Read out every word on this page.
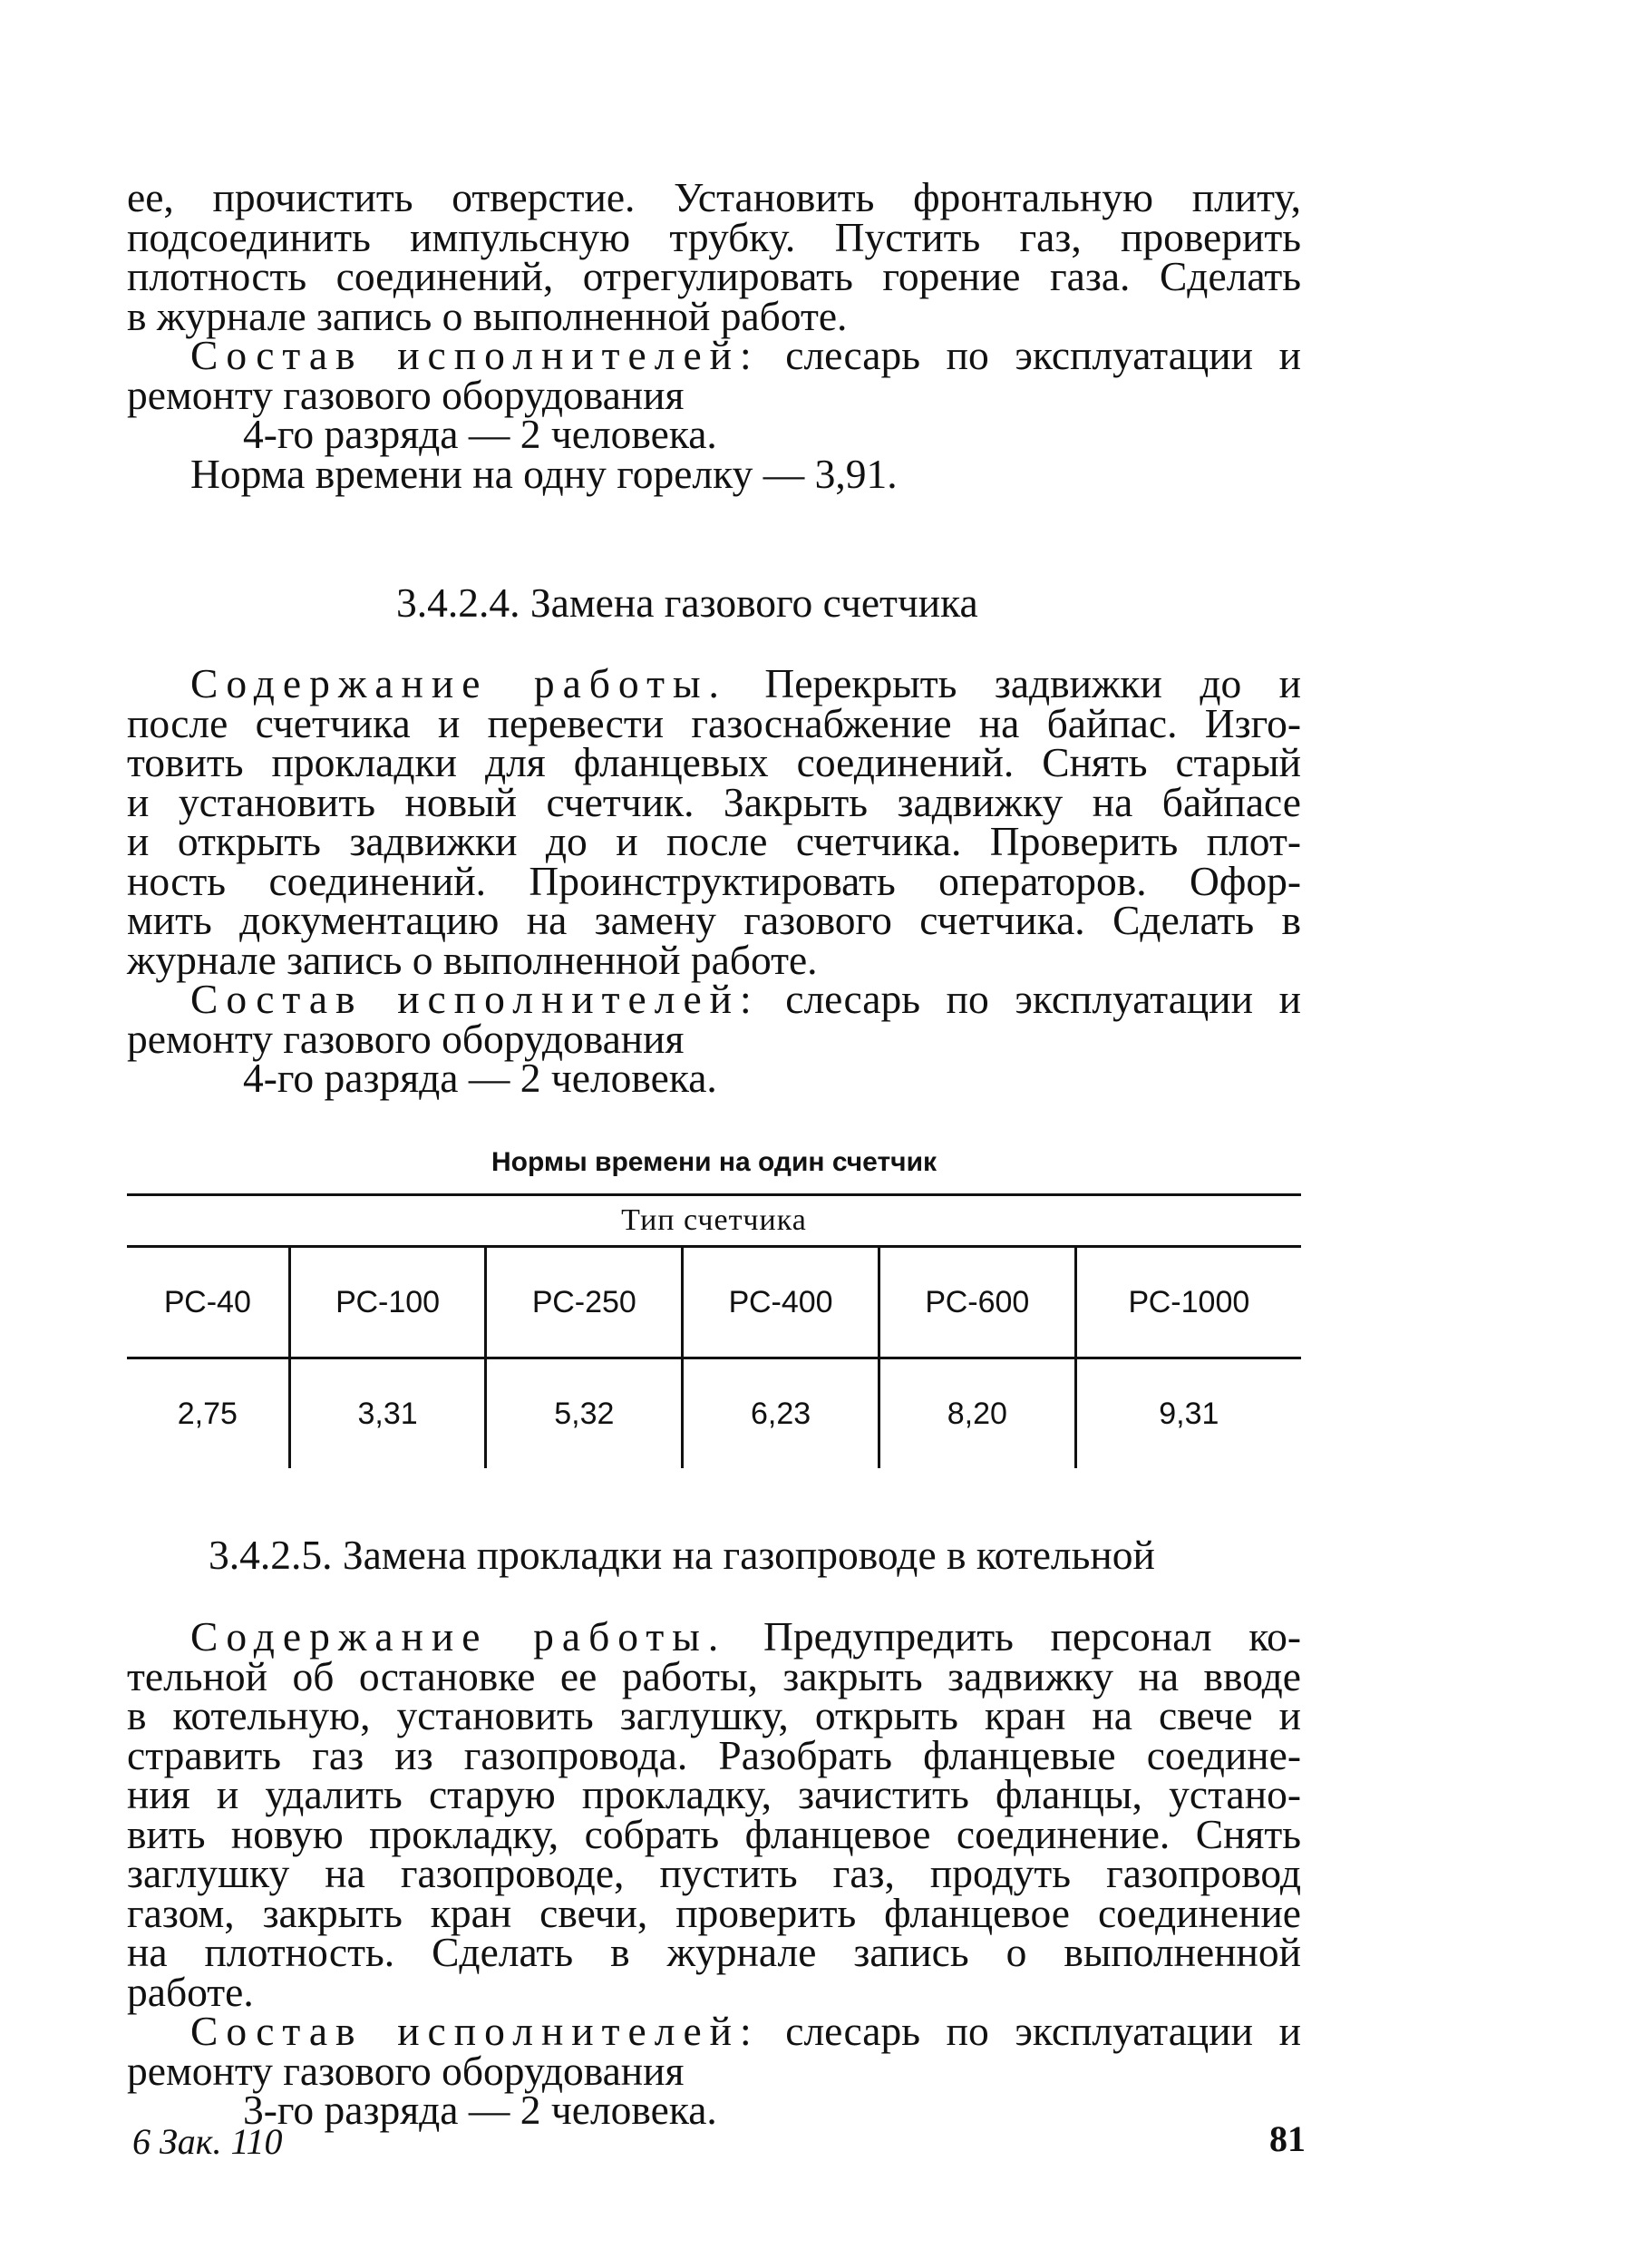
ее, прочистить отверстие. Установить фронтальную плиту,
подсоединить импульсную трубку. Пустить газ, проверить
плотность соединений, отрегулировать горение газа. Сделать
в журнале запись о выполненной работе.

Состав исполнителей: слесарь по эксплуатации и
ремонту газового оборудования
4-го разряда — 2 человека.
Норма времени на одну горелку — 3,91.

3.4.2.4. Замена газового счетчика

Содержание работы. Перекрыть задвижки до и
после счетчика и перевести газоснабжение на байпас. Изго-
товить прокладки для фланцевых соединений. Снять старый
и установить новый счетчик. Закрыть задвижку на байпасе
и открыть задвижки до и после счетчика. Проверить плот-
ность соединений. Проинструктировать операторов. Офор-
мить документацию на замену газового счетчика. Сделать в
журнале запись о выполненной работе.

Состав исполнителей: слесарь по эксплуатации и
ремонту газового оборудования
4-го разряда — 2 человека.

Нормы времени на один счетчик
Тип счетчика					
РС-40	РС-100	РС-250	РС-400	РС-600	РС-1000
2,75	3,31	5,32	6,23	8,20	9,31
3.4.2.5. Замена прокладки на газопроводе в котельной

Содержание работы. Предупредить персонал ко-
тельной об остановке ее работы, закрыть задвижку на вводе
в котельную, установить заглушку, открыть кран на свече и
стравить газ из газопровода. Разобрать фланцевые соедине-
ния и удалить старую прокладку, зачистить фланцы, устано-
вить новую прокладку, собрать фланцевое соединение. Снять
заглушку на газопроводе, пустить газ, продуть газопровод
газом, закрыть кран свечи, проверить фланцевое соединение
на плотность. Сделать в журнале запись о выполненной
работе.

Состав исполнителей: слесарь по эксплуатации и
ремонту газового оборудования
3-го разряда — 2 человека.

6 Зак. 110	81
